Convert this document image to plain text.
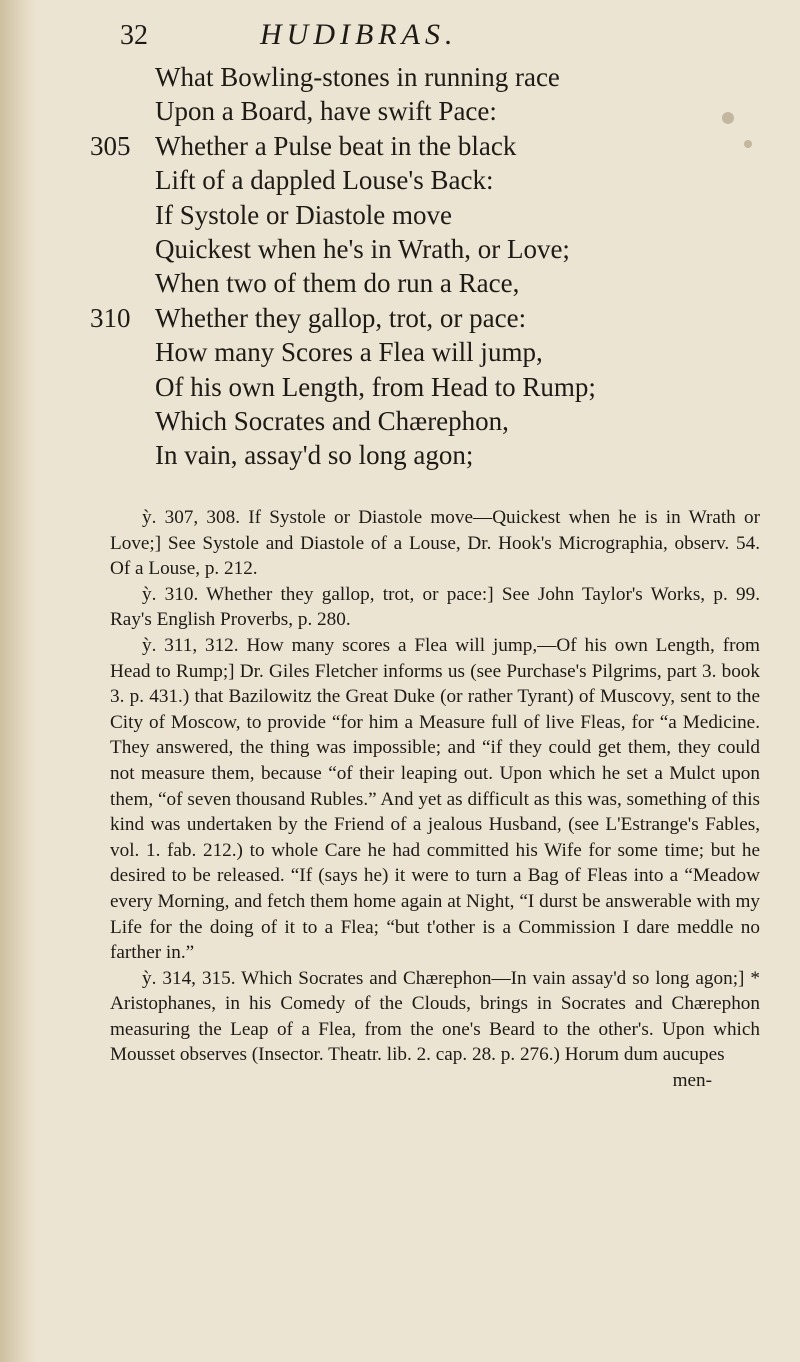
32	HUDIBRAS.
What Bowling-stones in running race
Upon a Board, have swift Pace:
305 Whether a Pulse beat in the black
Lift of a dappled Louse's Back:
If Systole or Diastole move
Quickest when he's in Wrath, or Love;
When two of them do run a Race,
310 Whether they gallop, trot, or pace:
How many Scores a Flea will jump,
Of his own Length, from Head to Rump;
Which Socrates and Chærephon,
In vain, assay'd so long agon;

ỳ. 307, 308. If Systole or Diastole move—Quickest when he is in Wrath or Love;] See Systole and Diastole of a Louse, Dr. Hook's Micrographia, observ. 54. Of a Louse, p. 212.

ỳ. 310. Whether they gallop, trot, or pace:] See John Taylor's Works, p. 99. Ray's English Proverbs, p. 280.

ỳ. 311, 312. How many scores a Flea will jump,—Of his own Length, from Head to Rump;] Dr. Giles Fletcher informs us (see Purchase's Pilgrims, part 3. book 3. p. 431.) that Bazilowitz the Great Duke (or rather Tyrant) of Muscovy, sent to the City of Moscow, to provide “for him a Measure full of live Fleas, for “a Medicine. They answered, the thing was impossible; and “if they could get them, they could not measure them, because “of their leaping out. Upon which he set a Mulct upon them, “of seven thousand Rubles.” And yet as difficult as this was, something of this kind was undertaken by the Friend of a jealous Husband, (see L'Estrange's Fables, vol. 1. fab. 212.) to whole Care he had committed his Wife for some time; but he desired to be released. “If (says he) it were to turn a Bag of Fleas into a “Meadow every Morning, and fetch them home again at Night, “I durst be answerable with my Life for the doing of it to a Flea; “but t'other is a Commission I dare meddle no farther in.”

ỳ. 314, 315. Which Socrates and Chærephon—In vain assay'd so long agon;] * Aristophanes, in his Comedy of the Clouds, brings in Socrates and Chærephon measuring the Leap of a Flea, from the one's Beard to the other's. Upon which Mousset observes (Insector. Theatr. lib. 2. cap. 28. p. 276.) Horum dum aucupes

men-
